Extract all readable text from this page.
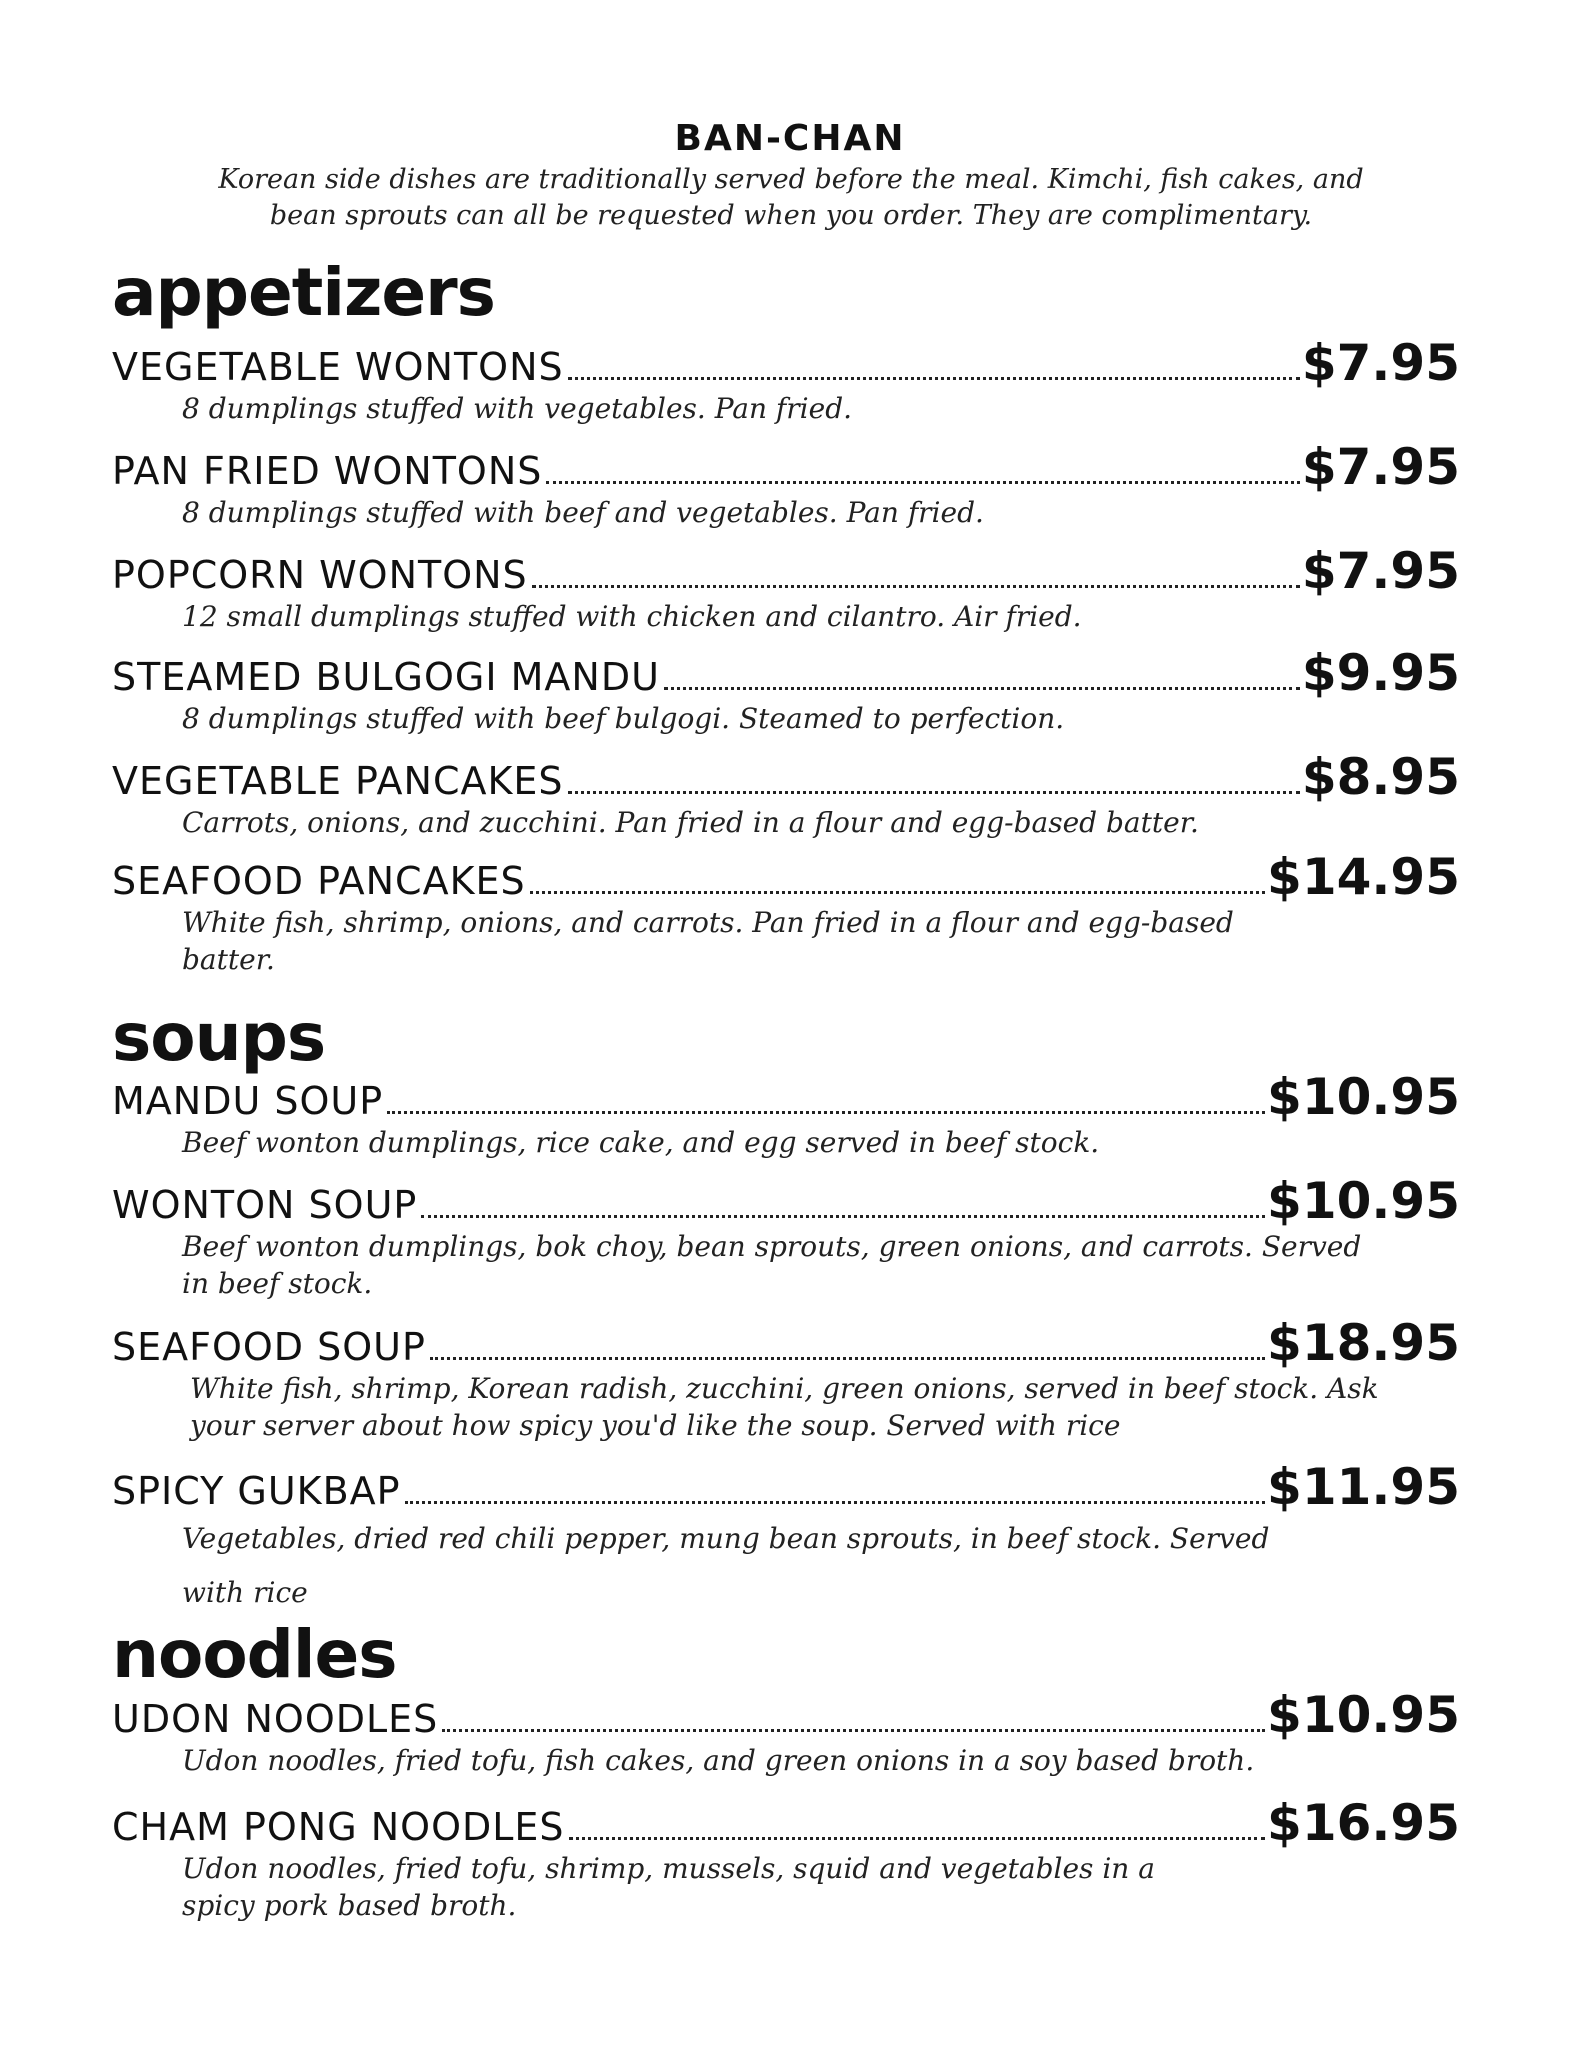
BAN-CHAN
Korean side dishes are traditionally served before the meal. Kimchi, fish cakes, and bean sprouts can all be requested when you order. They are complimentary.
appetizers
VEGETABLE WONTONS	$7.95
8 dumplings stuffed with vegetables. Pan fried.
PAN FRIED WONTONS	$7.95
8 dumplings stuffed with beef and vegetables. Pan fried.
POPCORN WONTONS	$7.95
12 small dumplings stuffed with chicken and cilantro. Air fried.
STEAMED BULGOGI MANDU	$9.95
8 dumplings stuffed with beef bulgogi. Steamed to perfection.
VEGETABLE PANCAKES	$8.95
Carrots, onions, and zucchini. Pan fried in a flour and egg-based batter.
SEAFOOD PANCAKES	$14.95
White fish, shrimp, onions, and carrots. Pan fried in a flour and egg-based batter.
soups
MANDU SOUP	$10.95
Beef wonton dumplings, rice cake, and egg served in beef stock.
WONTON SOUP	$10.95
Beef wonton dumplings, bok choy, bean sprouts, green onions, and carrots. Served in beef stock.
SEAFOOD SOUP	$18.95
White fish, shrimp, Korean radish, zucchini, green onions, served in beef stock. Ask your server about how spicy you'd like the soup. Served with rice
SPICY GUKBAP	$11.95
Vegetables, dried red chili pepper, mung bean sprouts, in beef stock. Served with rice
noodles
UDON NOODLES	$10.95
Udon noodles, fried tofu, fish cakes, and green onions in a soy based broth.
CHAM PONG NOODLES	$16.95
Udon noodles, fried tofu, shrimp, mussels, squid and vegetables in a spicy pork based broth.
